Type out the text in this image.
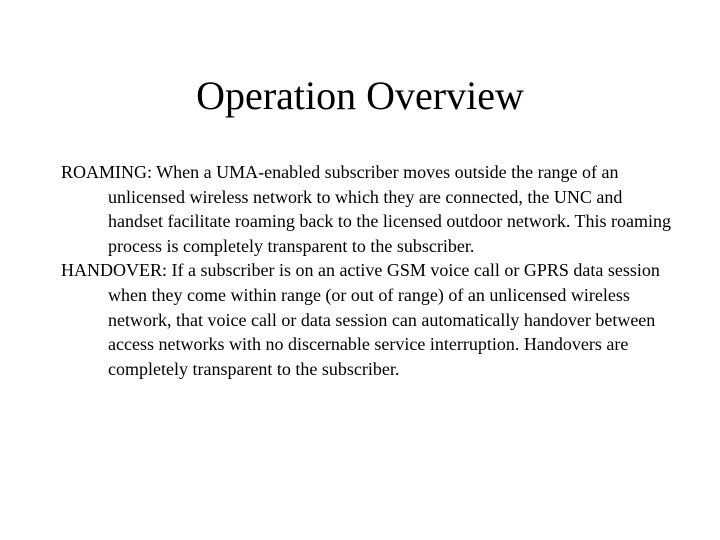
Operation Overview

ROAMING: When a UMA-enabled subscriber moves outside the range of an unlicensed wireless network to which they are connected, the UNC and handset facilitate roaming back to the licensed outdoor network. This roaming process is completely transparent to the subscriber.

HANDOVER: If a subscriber is on an active GSM voice call or GPRS data session when they come within range (or out of range) of an unlicensed wireless network, that voice call or data session can automatically handover between access networks with no discernable service interruption. Handovers are completely transparent to the subscriber.
